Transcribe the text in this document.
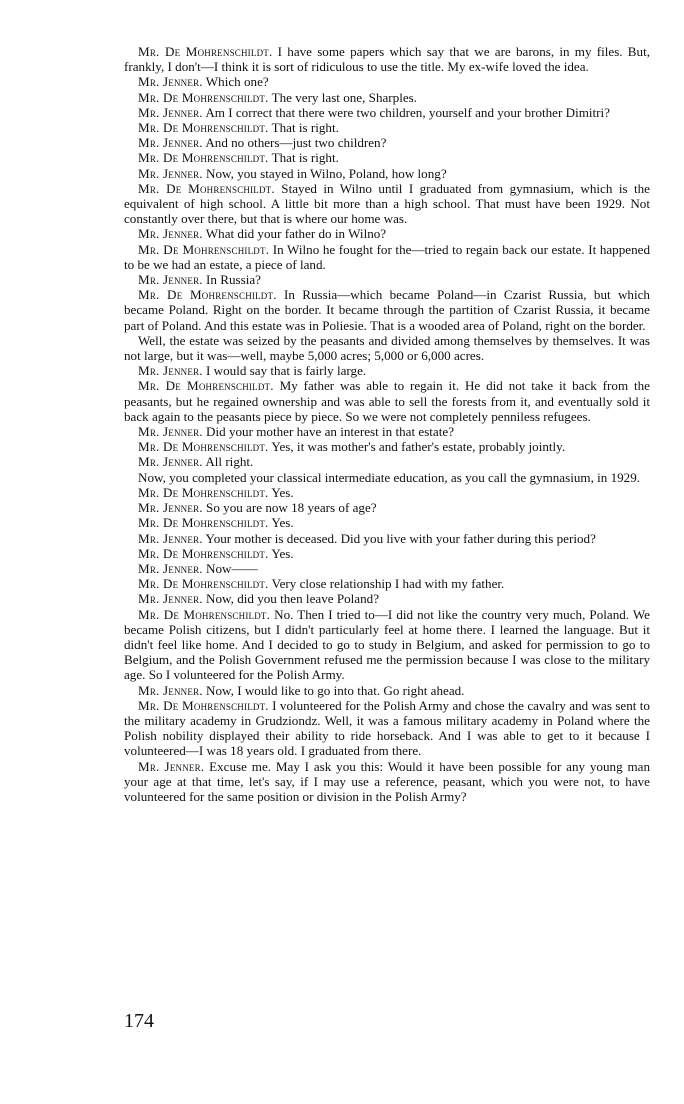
Mr. De Mohrenschildt. I have some papers which say that we are barons, in my files. But, frankly, I don't—I think it is sort of ridiculous to use the title. My ex-wife loved the idea.

Mr. Jenner. Which one?

Mr. De Mohrenschildt. The very last one, Sharples.

Mr. Jenner. Am I correct that there were two children, yourself and your brother Dimitri?

Mr. De Mohrenschildt. That is right.

Mr. Jenner. And no others—just two children?

Mr. De Mohrenschildt. That is right.

Mr. Jenner. Now, you stayed in Wilno, Poland, how long?

Mr. De Mohrenschildt. Stayed in Wilno until I graduated from gymnasium, which is the equivalent of high school. A little bit more than a high school. That must have been 1929. Not constantly over there, but that is where our home was.

Mr. Jenner. What did your father do in Wilno?

Mr. De Mohrenschildt. In Wilno he fought for the—tried to regain back our estate. It happened to be we had an estate, a piece of land.

Mr. Jenner. In Russia?

Mr. De Mohrenschildt. In Russia—which became Poland—in Czarist Russia, but which became Poland. Right on the border. It became through the partition of Czarist Russia, it became part of Poland. And this estate was in Poliesie. That is a wooded area of Poland, right on the border.

Well, the estate was seized by the peasants and divided among themselves by themselves. It was not large, but it was—well, maybe 5,000 acres; 5,000 or 6,000 acres.

Mr. Jenner. I would say that is fairly large.

Mr. De Mohrenschildt. My father was able to regain it. He did not take it back from the peasants, but he regained ownership and was able to sell the forests from it, and eventually sold it back again to the peasants piece by piece. So we were not completely penniless refugees.

Mr. Jenner. Did your mother have an interest in that estate?

Mr. De Mohrenschildt. Yes, it was mother's and father's estate, probably jointly.

Mr. Jenner. All right.

Now, you completed your classical intermediate education, as you call the gymnasium, in 1929.

Mr. De Mohrenschildt. Yes.

Mr. Jenner. So you are now 18 years of age?

Mr. De Mohrenschildt. Yes.

Mr. Jenner. Your mother is deceased. Did you live with your father during this period?

Mr. De Mohrenschildt. Yes.

Mr. Jenner. Now——

Mr. De Mohrenschildt. Very close relationship I had with my father.

Mr. Jenner. Now, did you then leave Poland?

Mr. De Mohrenschildt. No. Then I tried to—I did not like the country very much, Poland. We became Polish citizens, but I didn't particularly feel at home there. I learned the language. But it didn't feel like home. And I decided to go to study in Belgium, and asked for permission to go to Belgium, and the Polish Government refused me the permission because I was close to the military age. So I volunteered for the Polish Army.

Mr. Jenner. Now, I would like to go into that. Go right ahead.

Mr. De Mohrenschildt. I volunteered for the Polish Army and chose the cavalry and was sent to the military academy in Grudziondz. Well, it was a famous military academy in Poland where the Polish nobility displayed their ability to ride horseback. And I was able to get to it because I volunteered—I was 18 years old. I graduated from there.

Mr. Jenner. Excuse me. May I ask you this: Would it have been possible for any young man your age at that time, let's say, if I may use a reference, peasant, which you were not, to have volunteered for the same position or division in the Polish Army?

174
